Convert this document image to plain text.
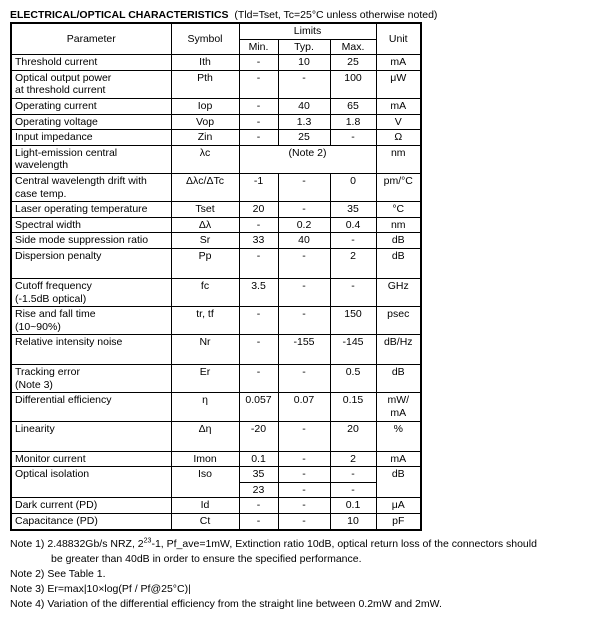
ELECTRICAL/OPTICAL CHARACTERISTICS (Tld=Tset, Tc=25°C unless otherwise noted)
Parameter	Symbol	Limits			Unit
		Min.	Typ.	Max.	

Threshold current	Ith	-	10	25	mA

Optical output power
at threshold current	Pth	-	-	100	μW

Operating current	Iop	-	40	65	mA

Operating voltage	Vop	-	1.3	1.8	V

Input impedance	Zin	-	25	-	Ω

Light-emission central
wavelength	λc	(Note 2)			nm

Central wavelength drift with
case temp.	Δλc/ΔTc	-1	-	0	pm/°C

Laser operating temperature	Tset	20	-	35	°C

Spectral width	Δλ	-	0.2	0.4	nm

Side mode suppression ratio	Sr	33	40	-	dB

Dispersion penalty	Pp	-	-	2	dB

Cutoff frequency
(-1.5dB optical)	fc	3.5	-	-	GHz

Rise and fall time
(10~90%)	tr, tf	-	-	150	psec

Relative intensity noise	Nr	-	-155	-145	dB/Hz

Tracking error
(Note 3)	Er	-	-	0.5	dB

Differential efficiency	η	0.057	0.07	0.15	mW/
mA

Linearity	Δη	-20	-	20	%

Monitor current	Imon	0.1	-	2	mA

Optical isolation	Iso	35	-	-	dB
		23	-	-	

Dark current (PD)	Id	-	-	0.1	μA

Capacitance (PD)	Ct	-	-	10	pF
Note 1) 2.48832Gb/s NRZ, $2^{23}-1$, Pf_ave=1mW, Extinction ratio 10dB, optical return loss of the connectors should
be greater than 40dB in order to ensure the specified performance.
Note 2) See Table 1.
Note 3) Er=max|10×log(Pf / Pf@25°C)|
Note 4) Variation of the differential efficiency from the straight line between 0.2mW and 2mW.
